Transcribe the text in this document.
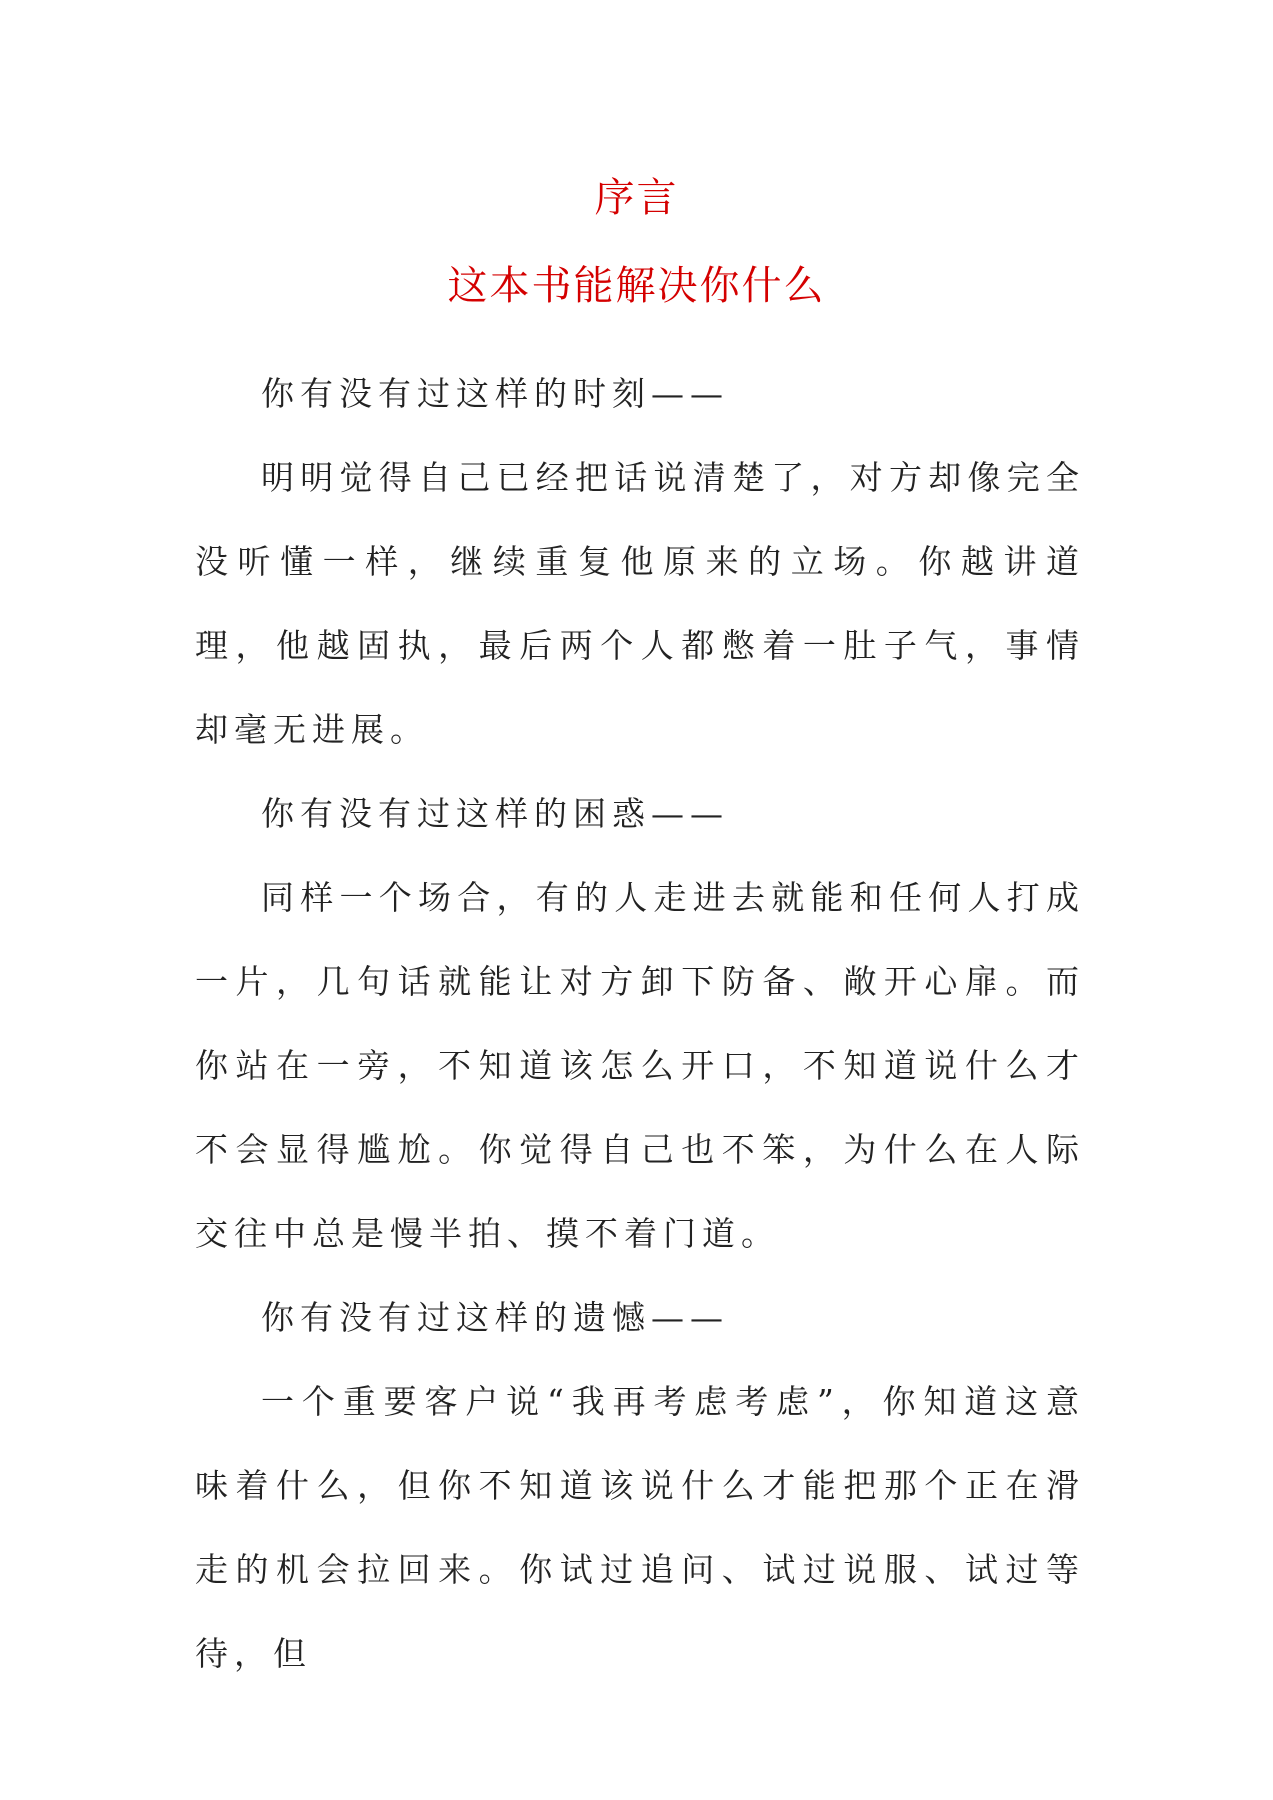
序言
这本书能解决你什么

你有没有过这样的时刻——

明明觉得自己已经把话说清楚了，对方却像完全没听懂一样，继续重复他原来的立场。你越讲道理，他越固执，最后两个人都憋着一肚子气，事情却毫无进展。

你有没有过这样的困惑——

同样一个场合，有的人走进去就能和任何人打成一片，几句话就能让对方卸下防备、敞开心扉。而你站在一旁，不知道该怎么开口，不知道说什么才不会显得尴尬。你觉得自己也不笨，为什么在人际交往中总是慢半拍、摸不着门道。

你有没有过这样的遗憾——

一个重要客户说“我再考虑考虑”，你知道这意味着什么，但你不知道该说什么才能把那个正在滑走的机会拉回来。你试过追问、试过说服、试过等待，但
